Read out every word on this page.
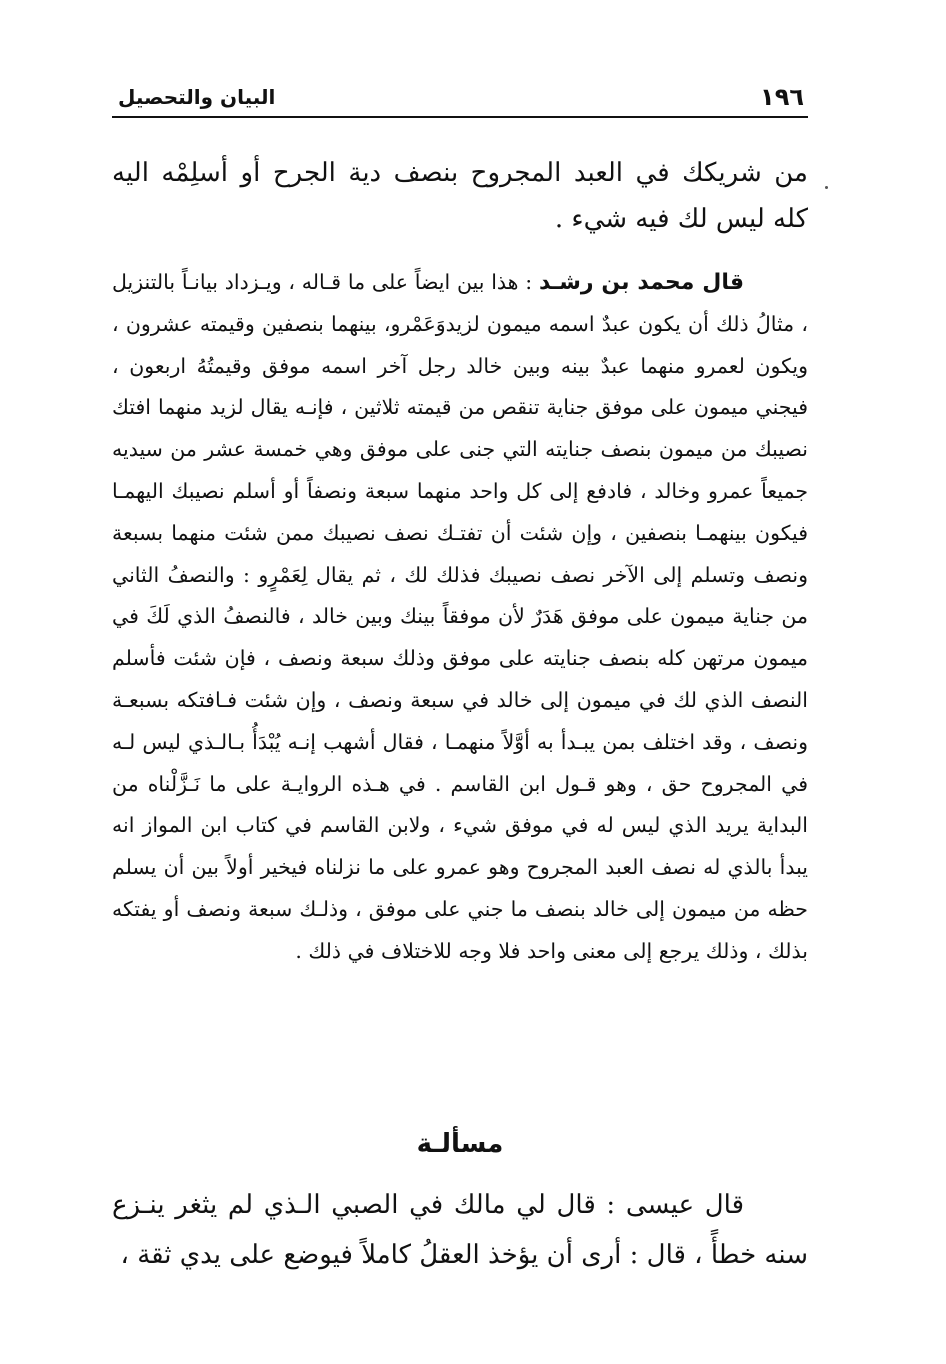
١٩٦
البيان والتحصيل

من شريكك في العبد المجروح بنصف دية الجرح أو أسلِمْه اليه كله ليس لك فيه شيء .

قال محمد بن رشـد : هذا بين ايضاً على ما قـاله ، ويـزداد بيانـاً بالتنزيل ، مثالُ ذلك أن يكون عبدٌ اسمه ميمون لزيدوَعَمْرو، بينهما بنصفين وقيمته عشرون ، ويكون لعمرو منهما عبدٌ بينه وبين خالد رجل آخر اسمه موفق وقيمتُهُ اربعون ، فيجني ميمون على موفق جناية تنقص من قيمته ثلاثين ، فإنـه يقال لزيد منهما افتك نصيبك من ميمون بنصف جنايته التي جنى على موفق وهي خمسة عشر من سيديه جميعاً عمرو وخالد ، فادفع إلى كل واحد منهما سبعة ونصفاً أو أسلم نصيبك اليهمـا فيكون بينهمـا بنصفين ، وإن شئت أن تفتـك نصف نصيبك ممن شئت منهما بسبعة ونصف وتسلم إلى الآخر نصف نصيبك فذلك لك ، ثم يقال لِعَمْرٍو : والنصفُ الثاني من جناية ميمون على موفق هَدَرٌ لأن موفقاً بينك وبين خالد ، فالنصفُ الذي لَكَ في ميمون مرتهن كله بنصف جنايته على موفق وذلك سبعة ونصف ، فإن شئت فأسلم النصف الذي لك في ميمون إلى خالد في سبعة ونصف ، وإن شئت فـافتكه بسبعـة ونصف ، وقد اختلف بمن يبـدأ به أوَّلاً منهمـا ، فقال أشهب إنـه يُبْدَأُ بـالـذي ليس لـه في المجروح حق ، وهو قـول ابن القاسم . في هـذه الروايـة على ما نَـزَّلْناه من البداية يريد الذي ليس له في موفق شيء ، ولابن القاسم في كتاب ابن المواز انه يبدأ بالذي له نصف العبد المجروح وهو عمرو على ما نزلناه فيخير أولاً بين أن يسلم حظه من ميمون إلى خالد بنصف ما جني على موفق ، وذلـك سبعة ونصف أو يفتكه بذلك ، وذلك يرجع إلى معنى واحد فلا وجه للاختلاف في ذلك .

مسألـة

قال عيسى : قال لي مالك في الصبي الـذي لم يثغر ينـزع سنه خطأً ، قال : أرى أن يؤخذ العقلُ كاملاً فيوضع على يدي ثقة ،
